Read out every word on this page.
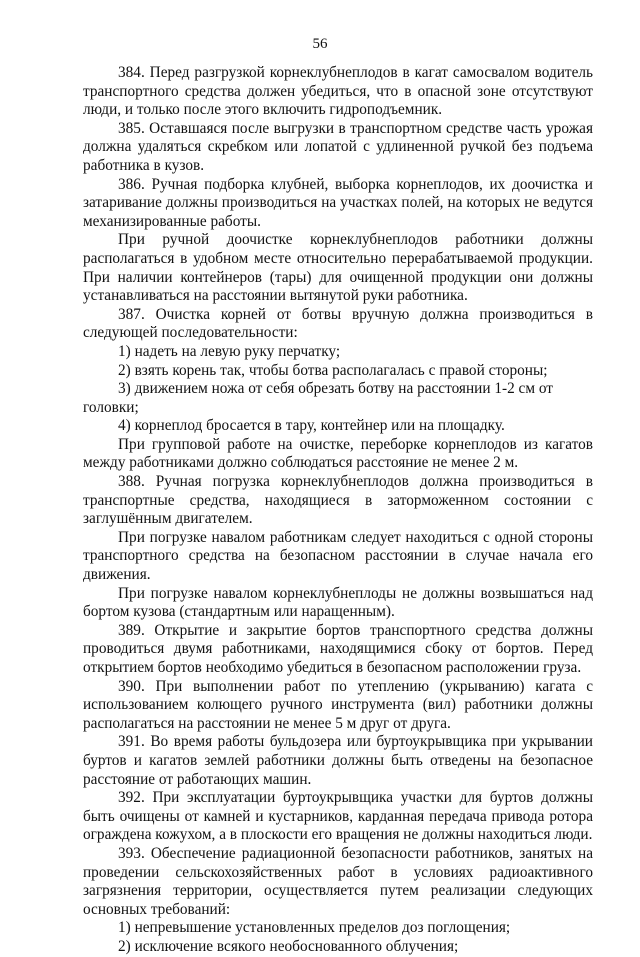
56

384. Перед разгрузкой корнеклубнеплодов в кагат самосвалом водитель транспортного средства должен убедиться, что в опасной зоне отсутствуют люди, и только после этого включить гидроподъемник.

385. Оставшаяся после выгрузки в транспортном средстве часть урожая должна удаляться скребком или лопатой с удлиненной ручкой без подъема работника в кузов.

386. Ручная подборка клубней, выборка корнеплодов, их доочистка и затаривание должны производиться на участках полей, на которых не ведутся механизированные работы.

При ручной доочистке корнеклубнеплодов работники должны располагаться в удобном месте относительно перерабатываемой продукции. При наличии контейнеров (тары) для очищенной продукции они должны устанавливаться на расстоянии вытянутой руки работника.

387. Очистка корней от ботвы вручную должна производиться в следующей последовательности:

1) надеть на левую руку перчатку;

2) взять корень так, чтобы ботва располагалась с правой стороны;

3) движением ножа от себя обрезать ботву на расстоянии 1-2 см от головки;

4) корнеплод бросается в тару, контейнер или на площадку.

При групповой работе на очистке, переборке корнеплодов из кагатов между работниками должно соблюдаться расстояние не менее 2 м.

388. Ручная погрузка корнеклубнеплодов должна производиться в транспортные средства, находящиеся в заторможенном состоянии с заглушённым двигателем.

При погрузке навалом работникам следует находиться с одной стороны транспортного средства на безопасном расстоянии в случае начала его движения.

При погрузке навалом корнеклубнеплоды не должны возвышаться над бортом кузова (стандартным или наращенным).

389. Открытие и закрытие бортов транспортного средства должны проводиться двумя работниками, находящимися сбоку от бортов. Перед открытием бортов необходимо убедиться в безопасном расположении груза.

390. При выполнении работ по утеплению (укрыванию) кагата с использованием колющего ручного инструмента (вил) работники должны располагаться на расстоянии не менее 5 м друг от друга.

391. Во время работы бульдозера или буртоукрывщика при укрывании буртов и кагатов землей работники должны быть отведены на безопасное расстояние от работающих машин.

392. При эксплуатации буртоукрывщика участки для буртов должны быть очищены от камней и кустарников, карданная передача привода ротора ограждена кожухом, а в плоскости его вращения не должны находиться люди.

393. Обеспечение радиационной безопасности работников, занятых на проведении сельскохозяйственных работ в условиях радиоактивного загрязнения территории, осуществляется путем реализации следующих основных требований:

1) непревышение установленных пределов доз поглощения;

2) исключение всякого необоснованного облучения;
